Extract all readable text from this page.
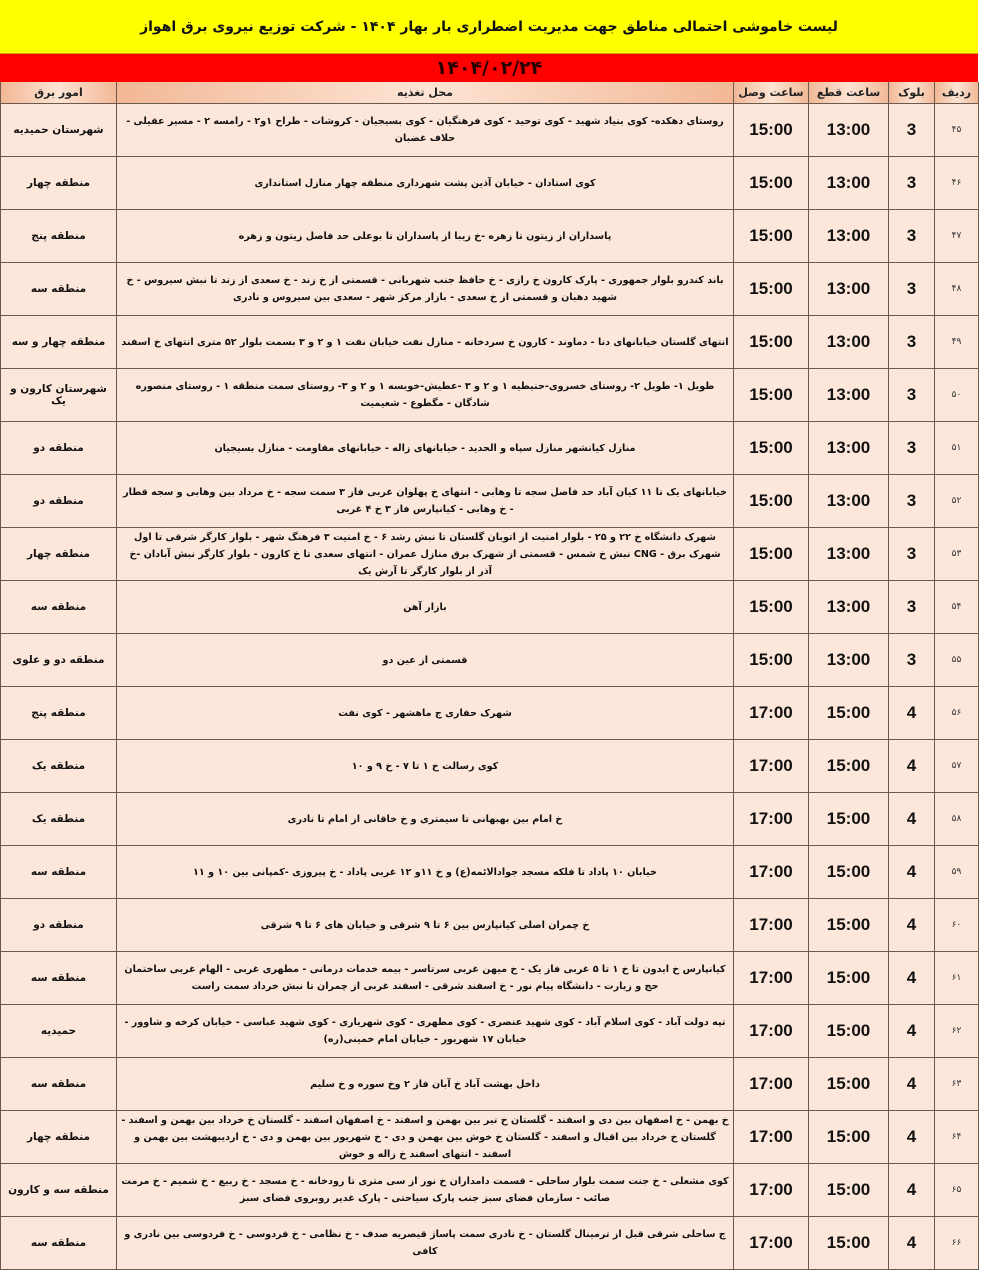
لیست خاموشی احتمالی مناطق جهت مدیریت اضطراری بار بهار ۱۴۰۴ - شرکت توزیع نیروی برق اهواز
۱۴۰۴/۰۲/۲۴
ردیف	بلوک	ساعت قطع	ساعت وصل	محل تغذیه	امور برق
۴۵	3	13:00	15:00	روستای دهکده- کوی بنیاد شهید - کوی توحید - کوی فرهنگیان - کوی بسیجیان - کروشات - طراح ۱و۲ - رامسه ۲ - مسیر عقیلی - حلاف غضبان	شهرستان حمیدیه
۴۶	3	13:00	15:00	کوی استادان - خیابان آذین پشت شهرداری منطقه چهار منازل استانداری	منطقه چهار
۴۷	3	13:00	15:00	پاسداران از زیتون تا زهره -خ زیبا از پاسداران تا بوعلی حد فاصل زیتون و زهره	منطقه پنج
۴۸	3	13:00	15:00	باند کندرو بلوار جمهوری - پارک کارون خ رازی - خ حافظ جنب شهربانی - قسمتی از خ زند - خ سعدی از زند تا نبش سیروس - خ شهید دهبان و قسمتی از خ سعدی - بازار مرکز شهر - سعدی بین سیروس و نادری	منطقه سه
۴۹	3	13:00	15:00	انتهای گلستان خیابانهای دنا - دماوند - کارون خ سردخانه - منازل نفت خیابان نفت ۱ و ۲ و ۳ بسمت بلوار ۵۲ متری انتهای خ اسفند	منطقه چهار و سه
۵۰	3	13:00	15:00	طویل ۱- طویل ۲- روستای خسروی-حنیطیه ۱ و ۲ و ۳ -عطیش-خویسه ۱ و ۲ و ۳- روستای سمت منطقه ۱ - روستای منصوره شادگان - مگطوع - شعیمیت	شهرستان کارون و یک
۵۱	3	13:00	15:00	منازل کیانشهر منازل سپاه و الحدید - خیابانهای زاله - خیابانهای مقاومت - منازل بسیجیان	منطقه دو
۵۲	3	13:00	15:00	خیابانهای یک تا ۱۱ کیان آباد حد فاصل سجه تا وهابی - انتهای خ پهلوان غربی فاز ۳ سمت سجه - خ مرداد بین وهابی و سجه قطار - خ وهابی - کیانپارس فاز ۳ خ ۴ غربی	منطقه دو
۵۳	3	13:00	15:00	شهرک دانشگاه خ ۲۲ و ۲۵ - بلوار امنیت از اتوبان گلستان تا نبش رشد ۶ - خ امنیت ۳ فرهنگ شهر - بلوار کارگر شرقی تا اول شهرک برق - CNG نبش خ شمس - قسمتی از شهرک برق منازل عمران - انتهای سعدی تا خ کارون - بلوار کارگر نبش آبادان -خ آذر از بلوار کارگر تا آرش یک	منطقه چهار
۵۴	3	13:00	15:00	بازار آهن	منطقه سه
۵۵	3	13:00	15:00	قسمتی از عین دو	منطقه دو و علوی
۵۶	4	15:00	17:00	شهرک حفاری ج ماهشهر - کوی نفت	منطقه پنج
۵۷	4	15:00	17:00	کوی رسالت خ ۱ تا ۷ - خ ۹ و ۱۰	منطقه یک
۵۸	4	15:00	17:00	خ امام بین بهبهانی تا سیمتری و خ خاقانی از امام تا نادری	منطقه یک
۵۹	4	15:00	17:00	خیابان ۱۰ پاداد تا فلکه مسجد جوادالائمه(ع) و خ ۱۱و ۱۲ غربی پاداد - خ پیروزی -کمپانی بین ۱۰ و ۱۱	منطقه سه
۶۰	4	15:00	17:00	خ چمران اصلی کیانپارس بین ۶ تا ۹ شرقی و خیابان های ۶ تا ۹ شرقی	منطقه دو
۶۱	4	15:00	17:00	کیانپارس خ ایدون تا خ ۱ تا ۵ غربی فاز یک - خ میهن غربی سرتاسر - بیمه خدمات درمانی - مطهری غربی - الهام غربی ساختمان حج و زیارت - دانشگاه پیام نور - خ اسفند شرقی - اسفند غربی از چمران تا نبش خرداد سمت راست	منطقه سه
۶۲	4	15:00	17:00	تپه دولت آباد - کوی اسلام آباد - کوی شهید عنصری - کوی مطهری - کوی شهریاری - کوی شهید عباسی - خیابان کرخه و شاوور - خیابان ۱۷ شهریور - خیابان امام خمینی(ره)	حمیدیه
۶۳	4	15:00	17:00	داخل بهشت آباد خ آبان فاز ۲ وخ سوره و خ سلیم	منطقه سه
۶۴	4	15:00	17:00	خ بهمن - خ اصفهان بین دی و اسفند - گلستان خ تیر بین بهمن و اسفند - خ اصفهان اسفند - گلستان خ خرداد بین بهمن و اسفند - گلستان خ خرداد بین اقبال و اسفند - گلستان خ خوش بین بهمن و دی - خ شهریور بین بهمن و دی - خ اردیبهشت بین بهمن و اسفند - انتهای اسفند خ زاله و خوش	منطقه چهار
۶۵	4	15:00	17:00	کوی مشعلی - خ جنت سمت بلوار ساحلی - قسمت دامداران خ نور از سی متری تا رودخانه - خ مسجد - خ ربیع - خ شمیم - خ مرمت صائب - سازمان فضای سبز جنب پارک سیاحتی - پارک غدیر روبروی فضای سبز	منطقه سه و کارون
۶۶	4	15:00	17:00	ج ساحلی شرقی قبل از ترمینال گلستان - خ نادری سمت پاساژ قیصریه صدف - خ نظامی - خ فردوسی - خ فردوسی بین نادری و کافی	منطقه سه
